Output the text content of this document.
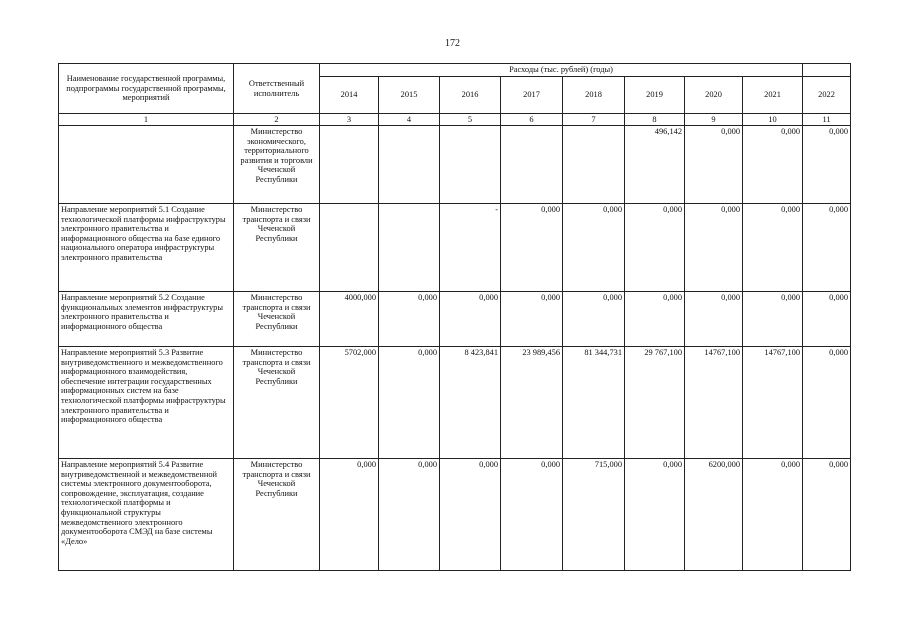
172
Наименование государственной программы, подпрограммы государственной программы, мероприятий	Ответственный исполнитель	Расходы (тыс. рублей) (годы)								
		2014	2015	2016	2017	2018	2019	2020	2021	2022
1	2	3	4	5	6	7	8	9	10	11
	Министерство экономического, территориального развития и торговли Чеченской Республики						496,142	0,000	0,000	0,000
Направление мероприятий 5.1 Создание технологической платформы инфраструктуры электронного правительства и информационного общества на базе единого национального оператора инфраструктуры электронного правительства	Министерство транспорта и связи Чеченской Республики			-	0,000	0,000	0,000	0,000	0,000	0,000
Направление мероприятий 5.2 Создание функциональных элементов инфраструктуры электронного правительства и информационного общества	Министерство транспорта и связи Чеченской Республики	4000,000	0,000	0,000	0,000	0,000	0,000	0,000	0,000	0,000
Направление мероприятий 5.3 Развитие внутриведомственного и межведомственного информационного взаимодействия, обеспечение интеграции государственных информационных систем на базе технологической платформы инфраструктуры электронного правительства и информационного общества	Министерство транспорта и связи Чеченской Республики	5702,000	0,000	8 423,841	23 989,456	81 344,731	29 767,100	14767,100	14767,100	0,000
Направление мероприятий 5.4 Развитие внутриведомственной и межведомственной системы электронного документооборота, сопровождение, эксплуатация, создание технологической платформы и функциональной структуры межведомственного электронного документооборота СМЭД на базе системы «Дело»	Министерство транспорта и связи Чеченской Республики	0,000	0,000	0,000	0,000	715,000	0,000	6200,000	0,000	0,000
